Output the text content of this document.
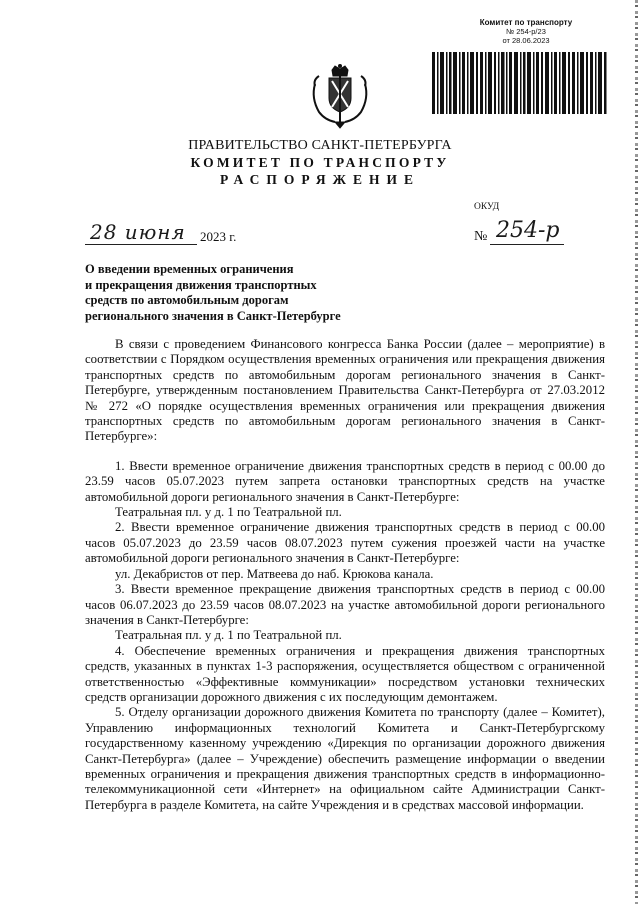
Комитет по транспорту
№ 254-р/23
от 28.06.2023
ПРАВИТЕЛЬСТВО САНКТ-ПЕТЕРБУРГА
КОМИТЕТ ПО ТРАНСПОРТУ
РАСПОРЯЖЕНИЕ
ОКУД
28 июня 2023 г.	№ 254-р
О введении временных ограничения
и прекращения движения транспортных
средств по автомобильным дорогам
регионального значения в Санкт-Петербурге

В связи с проведением Финансового конгресса Банка России (далее – мероприятие) в соответствии с Порядком осуществления временных ограничения или прекращения движения транспортных средств по автомобильным дорогам регионального значения в Санкт-Петербурге, утвержденным постановлением Правительства Санкт-Петербурга от 27.03.2012 № 272 «О порядке осуществления временных ограничения или прекращения движения транспортных средств по автомобильным дорогам регионального значения в Санкт-Петербурге»:

1. Ввести временное ограничение движения транспортных средств в период с 00.00 до 23.59 часов 05.07.2023 путем запрета остановки транспортных средств на участке автомобильной дороги регионального значения в Санкт-Петербурге:

Театральная пл. у д. 1 по Театральной пл.

2. Ввести временное ограничение движения транспортных средств в период с 00.00 часов 05.07.2023 до 23.59 часов 08.07.2023 путем сужения проезжей части на участке автомобильной дороги регионального значения в Санкт-Петербурге:

ул. Декабристов от пер. Матвеева до наб. Крюкова канала.

3. Ввести временное прекращение движения транспортных средств в период с 00.00 часов 06.07.2023 до 23.59 часов 08.07.2023 на участке автомобильной дороги регионального значения в Санкт-Петербурге:

Театральная пл. у д. 1 по Театральной пл.

4. Обеспечение временных ограничения и прекращения движения транспортных средств, указанных в пунктах 1-3 распоряжения, осуществляется обществом с ограниченной ответственностью «Эффективные коммуникации» посредством установки технических средств организации дорожного движения с их последующим демонтажем.

5. Отделу организации дорожного движения Комитета по транспорту (далее – Комитет), Управлению информационных технологий Комитета и Санкт-Петербургскому государственному казенному учреждению «Дирекция по организации дорожного движения Санкт-Петербурга» (далее – Учреждение) обеспечить размещение информации о введении временных ограничения и прекращения движения транспортных средств в информационно-телекоммуникационной сети «Интернет» на официальном сайте Администрации Санкт-Петербурга в разделе Комитета, на сайте Учреждения и в средствах массовой информации.
